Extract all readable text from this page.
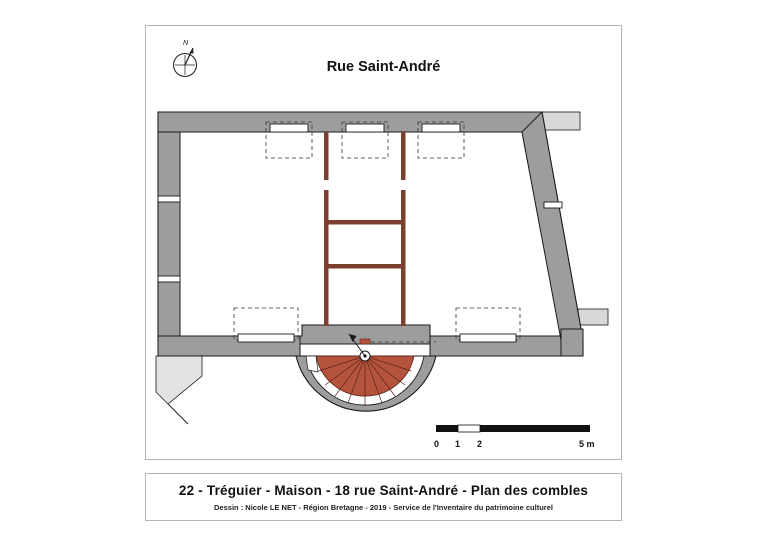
N
Rue Saint-André
0 1 2	5 m
22 - Tréguier - Maison - 18 rue Saint-André - Plan des combles
Dessin : Nicole LE NET - Région Bretagne - 2019 - Service de l'Inventaire du patrimoine culturel
